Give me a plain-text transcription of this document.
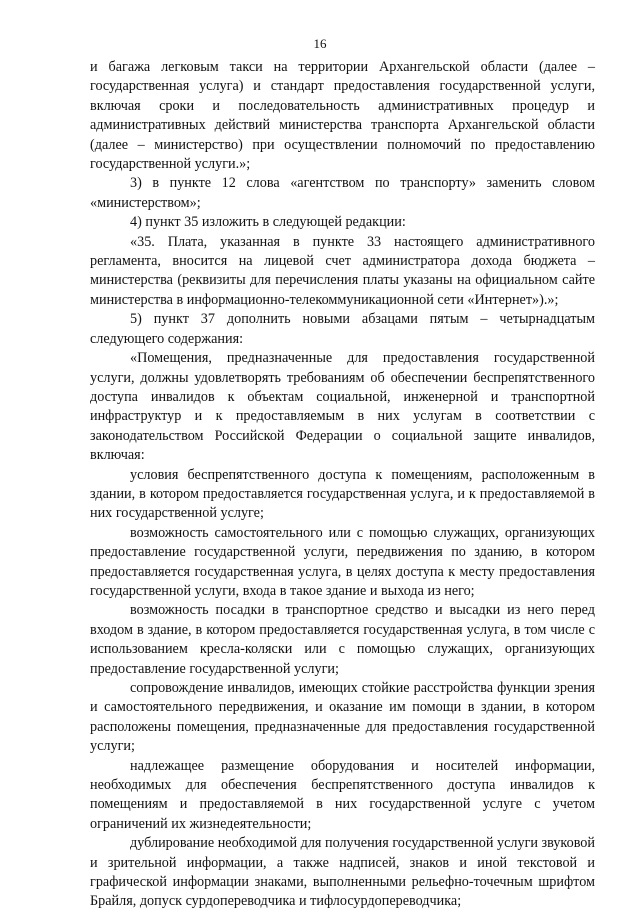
16

и багажа легковым такси на территории Архангельской области (далее – государственная услуга) и стандарт предоставления государственной услуги, включая сроки и последовательность административных процедур и административных действий министерства транспорта Архангельской области (далее – министерство) при осуществлении полномочий по предоставлению государственной услуги.»;

3) в пункте 12 слова «агентством по транспорту» заменить словом «министерством»;

4) пункт 35 изложить в следующей редакции:

«35. Плата, указанная в пункте 33 настоящего административного регламента, вносится на лицевой счет администратора дохода бюджета – министерства (реквизиты для перечисления платы указаны на официальном сайте министерства в информационно-телекоммуникационной сети «Интернет»).»;

5) пункт 37 дополнить новыми абзацами пятым – четырнадцатым следующего содержания:

«Помещения, предназначенные для предоставления государственной услуги, должны удовлетворять требованиям об обеспечении беспрепятственного доступа инвалидов к объектам социальной, инженерной и транспортной инфраструктур и к предоставляемым в них услугам в соответствии с законодательством Российской Федерации о социальной защите инвалидов, включая:

условия беспрепятственного доступа к помещениям, расположенным в здании, в котором предоставляется государственная услуга, и к предоставляемой в них государственной услуге;

возможность самостоятельного или с помощью служащих, организующих предоставление государственной услуги, передвижения по зданию, в котором предоставляется государственная услуга, в целях доступа к месту предоставления государственной услуги, входа в такое здание и выхода из него;

возможность посадки в транспортное средство и высадки из него перед входом в здание, в котором предоставляется государственная услуга, в том числе с использованием кресла-коляски или с помощью служащих, организующих предоставление государственной услуги;

сопровождение инвалидов, имеющих стойкие расстройства функции зрения и самостоятельного передвижения, и оказание им помощи в здании, в котором расположены помещения, предназначенные для предоставления государственной услуги;

надлежащее размещение оборудования и носителей информации, необходимых для обеспечения беспрепятственного доступа инвалидов к помещениям и предоставляемой в них государственной услуге с учетом ограничений их жизнедеятельности;

дублирование необходимой для получения государственной услуги звуковой и зрительной информации, а также надписей, знаков и иной текстовой и графической информации знаками, выполненными рельефно-точечным шрифтом Брайля, допуск сурдопереводчика и тифлосурдопереводчика;
